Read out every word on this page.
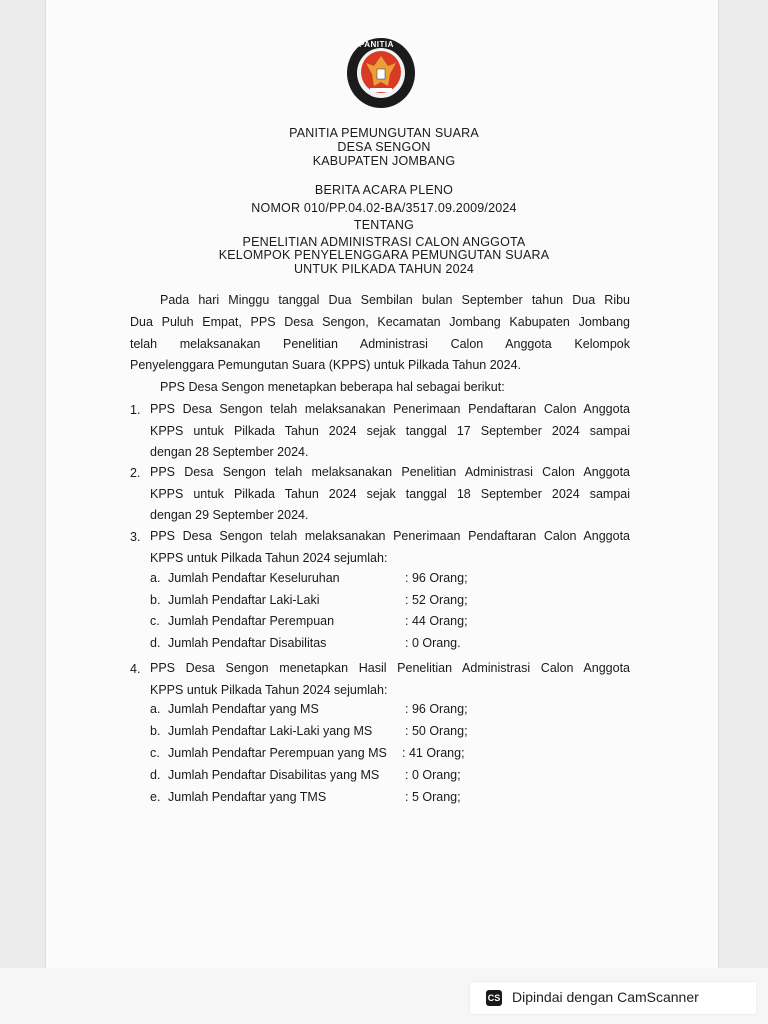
PANITIA
PANITIA PEMUNGUTAN SUARA
DESA SENGON
KABUPATEN JOMBANG
BERITA ACARA PLENO
NOMOR 010/PP.04.02-BA/3517.09.2009/2024
TENTANG
PENELITIAN ADMINISTRASI CALON ANGGOTA
KELOMPOK PENYELENGGARA PEMUNGUTAN SUARA
UNTUK PILKADA TAHUN 2024
Pada hari Minggu tanggal Dua Sembilan bulan September tahun Dua Ribu
Dua Puluh Empat, PPS Desa Sengon, Kecamatan Jombang Kabupaten Jombang
telah melaksanakan Penelitian Administrasi Calon Anggota Kelompok
Penyelenggara Pemungutan Suara (KPPS) untuk Pilkada Tahun 2024.
PPS Desa Sengon menetapkan beberapa hal sebagai berikut:
1. PPS Desa Sengon telah melaksanakan Penerimaan Pendaftaran Calon Anggota
KPPS untuk Pilkada Tahun 2024 sejak tanggal 17 September 2024 sampai
dengan 28 September 2024.
2. PPS Desa Sengon telah melaksanakan Penelitian Administrasi Calon Anggota
KPPS untuk Pilkada Tahun 2024 sejak tanggal 18 September 2024 sampai
dengan 29 September 2024.
3. PPS Desa Sengon telah melaksanakan Penerimaan Pendaftaran Calon Anggota
KPPS untuk Pilkada Tahun 2024 sejumlah:
a. Jumlah Pendaftar Keseluruhan	: 96 Orang;
b. Jumlah Pendaftar Laki-Laki	: 52 Orang;
c. Jumlah Pendaftar Perempuan	: 44 Orang;
d. Jumlah Pendaftar Disabilitas	: 0 Orang.
4. PPS Desa Sengon menetapkan Hasil Penelitian Administrasi Calon Anggota
KPPS untuk Pilkada Tahun 2024 sejumlah:
a. Jumlah Pendaftar yang MS	: 96 Orang;
b. Jumlah Pendaftar Laki-Laki yang MS	: 50 Orang;
c. Jumlah Pendaftar Perempuan yang MS : 41 Orang;
d. Jumlah Pendaftar Disabilitas yang MS : 0 Orang;
e. Jumlah Pendaftar yang TMS	: 5 Orang;
CS Dipindai dengan CamScanner
